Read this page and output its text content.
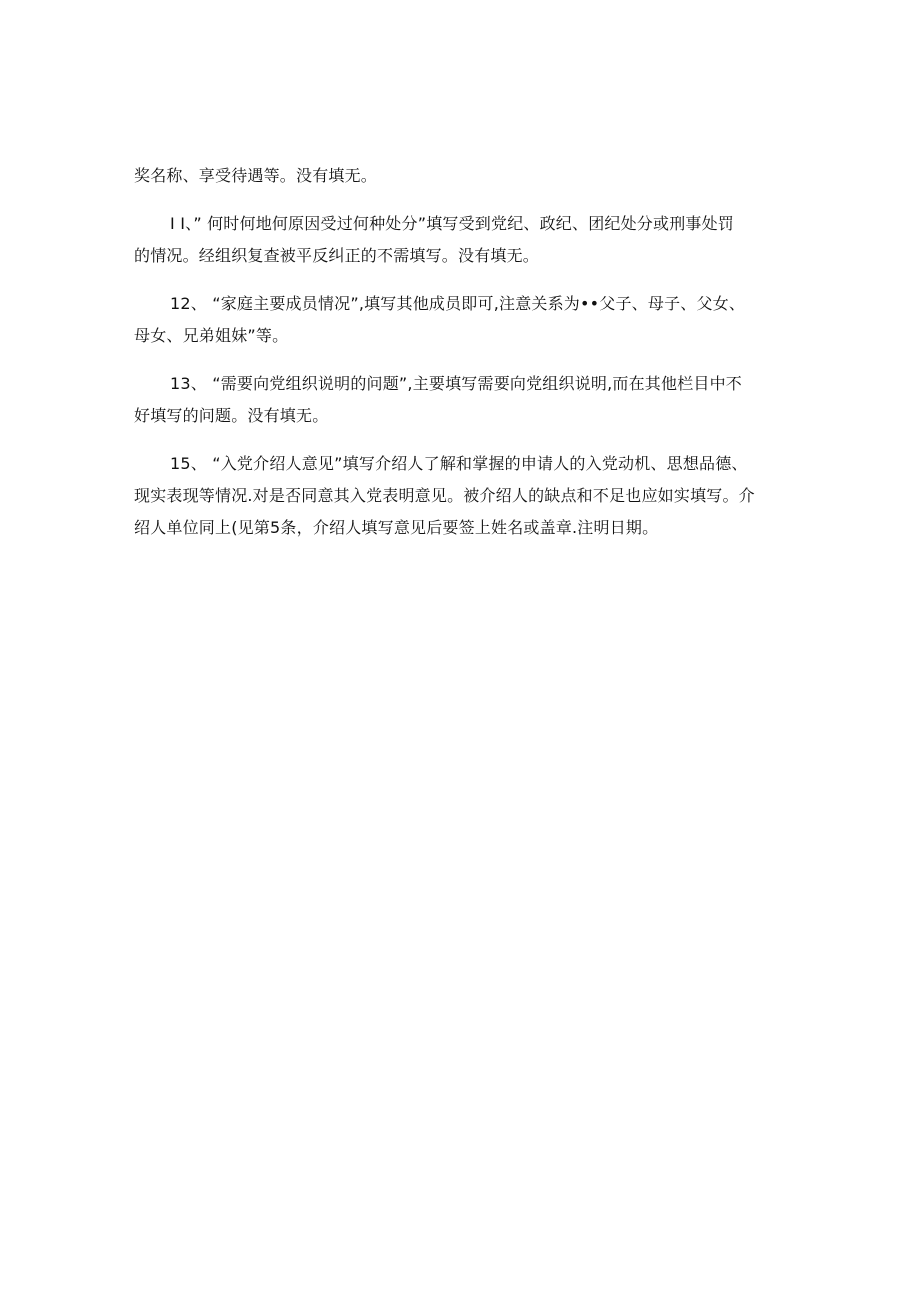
奖名称、享受待遇等。没有填无。
I I、” 何时何地何原因受过何种处分”填写受到党纪、政纪、团纪处分或刑事处罚
的情况。经组织复查被平反纠正的不需填写。没有填无。
12、 “家庭主要成员情况”,填写其他成员即可,注意关系为••父子、母子、父女、
母女、兄弟姐妹”等。
13、 “需要向党组织说明的问题”,主要填写需要向党组织说明,而在其他栏目中不
好填写的问题。没有填无。
15、 “入党介绍人意见”填写介绍人了解和掌握的申请人的入党动机、思想品德、
现实表现等情况.对是否同意其入党表明意见。被介绍人的缺点和不足也应如实填写。介
绍人单位同上(见第5条，介绍人填写意见后要签上姓名或盖章.注明日期。
